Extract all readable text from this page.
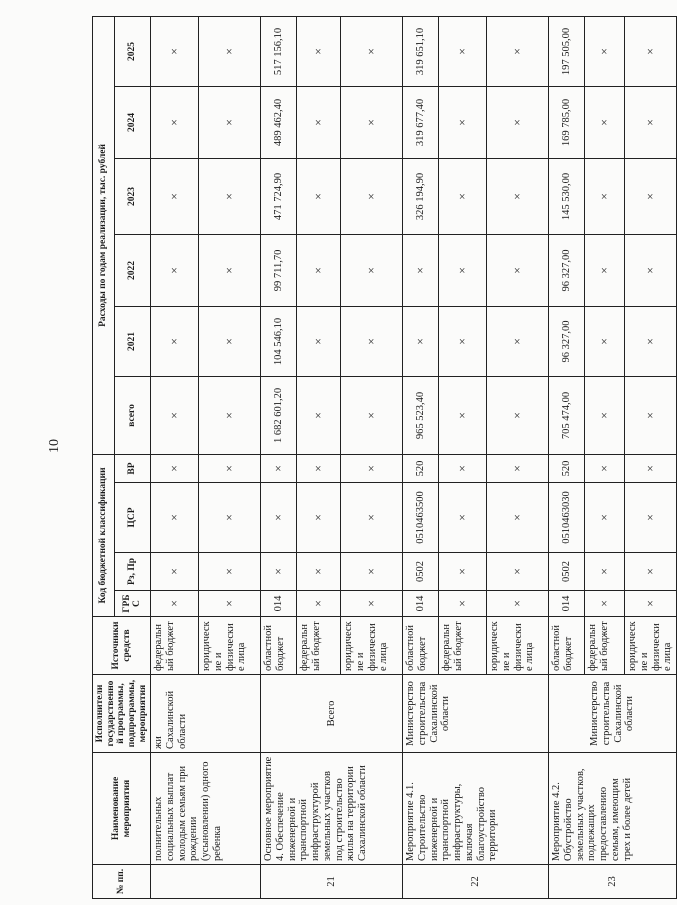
10
№ пп.	Наименование мероприятия	Исполнители государственной программы, подпрограммы, мероприятия	Источники средств	Код бюджетной классификации				Расходы по годам реализации, тыс. рублей					
				ГРБС	Рз, Пр	ЦСР	ВР	всего	2021	2022	2023	2024	2025
	полнительных социальных выплат молодым семьям при рождении (усыновлении) одного ребенка	жи Сахалинской области	федеральный бюджет	×	×	×	×	×	×	×	×	×	×
			юридические и физические лица	×	×	×	×	×	×	×	×	×	×
21	Основное мероприятие 4. Обеспечение инженерной и транспортной инфраструктурой земельных участков под строительство жилья на территории Сахалинской области	Всего	областной бюджет	014	×	×	×	1 682 601,20	104 546,10	99 711,70	471 724,90	489 462,40	517 156,10
			федеральный бюджет	×	×	×	×	×	×	×	×	×	×
			юридические и физические лица	×	×	×	×	×	×	×	×	×	×
22	Мероприятие 4.1. Строительство инженерной и транспортной инфраструктуры, включая благоустройство территории	Министерство строительства Сахалинской области	областной бюджет	014	0502	0510463500	520	965 523,40	×	×	326 194,90	319 677,40	319 651,10
			федеральный бюджет	×	×	×	×	×	×	×	×	×	×
			юридические и физические лица	×	×	×	×	×	×	×	×	×	×
23	Мероприятие 4.2. Обустройство земельных участков, подлежащих предоставлению семьям, имеющим трех и более детей	Министерство строительства Сахалинской области	областной бюджет	014	0502	0510463030	520	705 474,00	96 327,00	96 327,00	145 530,00	169 785,00	197 505,00
			федеральный бюджет	×	×	×	×	×	×	×	×	×	×
			юридические и физические лица	×	×	×	×	×	×	×	×	×	×
